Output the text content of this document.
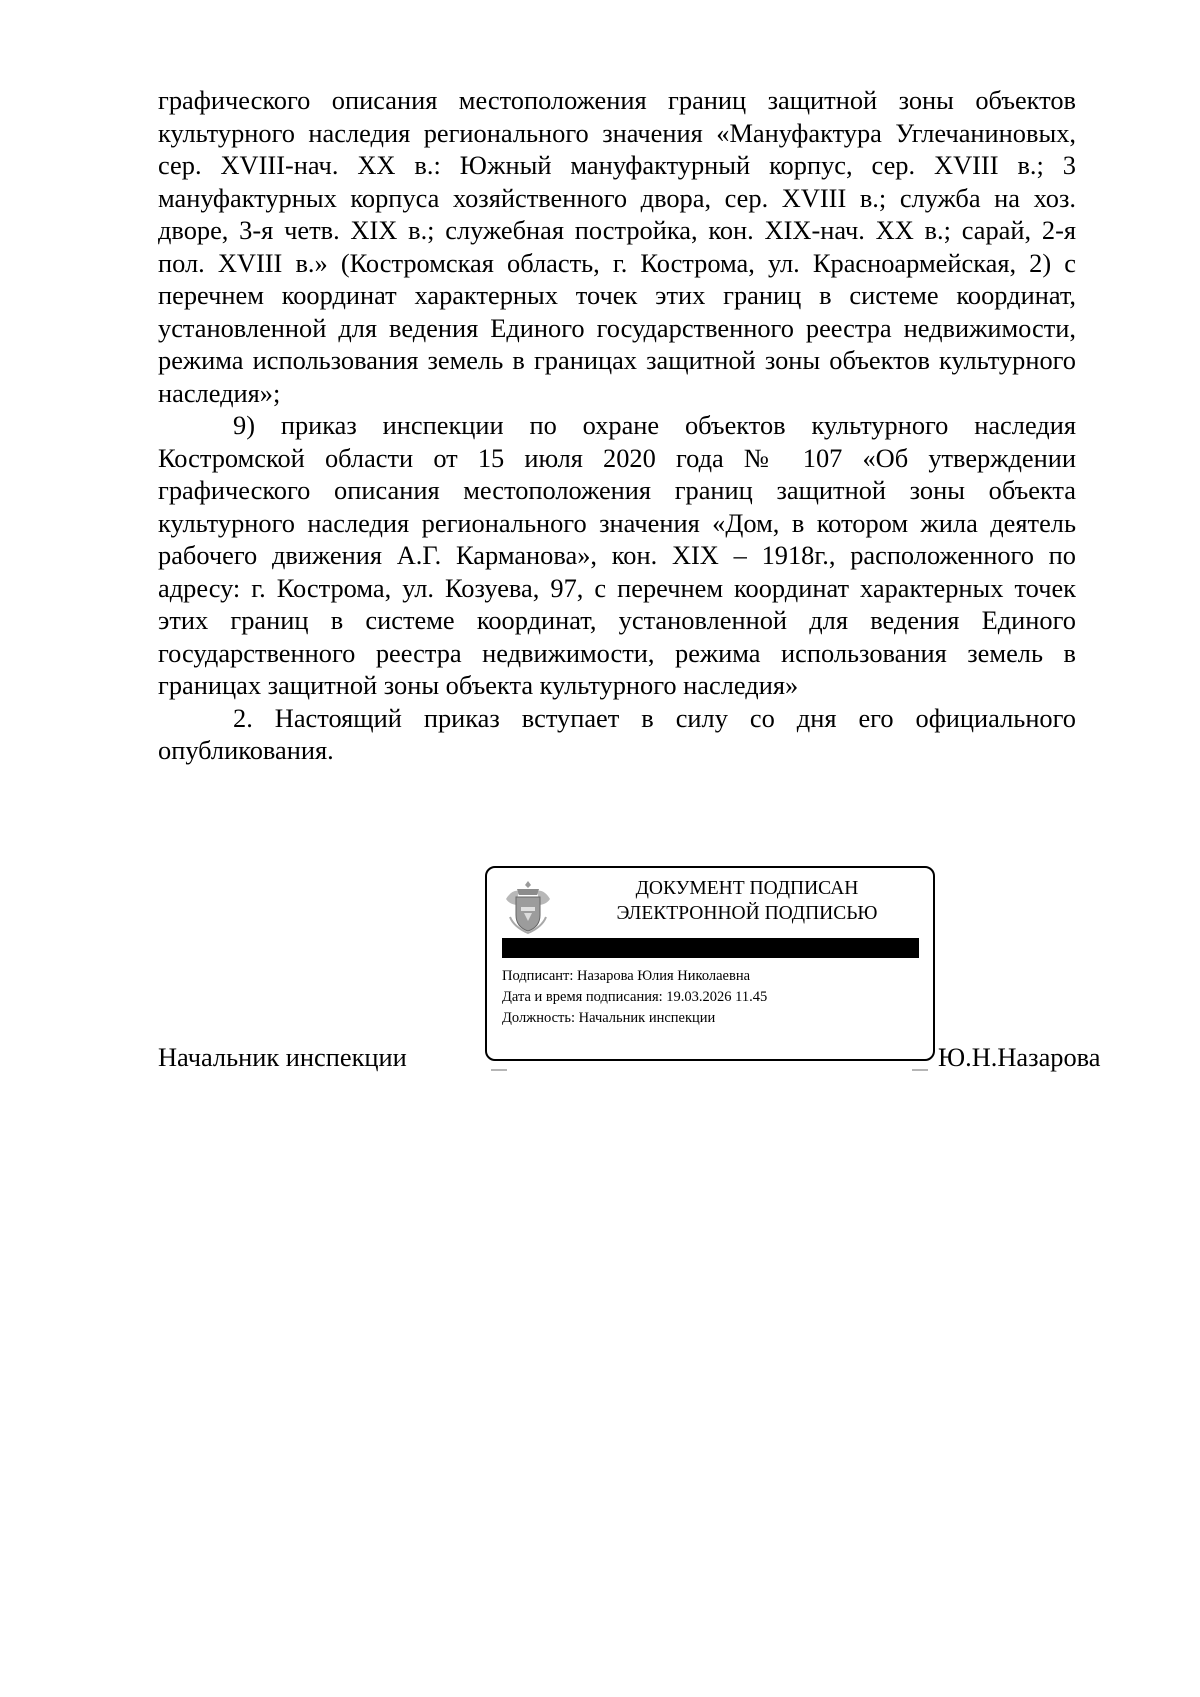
графического описания местоположения границ защитной зоны объектов культурного наследия регионального значения «Мануфактура Углечаниновых, сер. XVIII-нач. XX в.: Южный мануфактурный корпус, сер. XVIII в.; 3 мануфактурных корпуса хозяйственного двора, сер. XVIII в.; служба на хоз. дворе, 3-я четв. XIX в.; служебная постройка, кон. XIX-нач. XX в.; сарай, 2-я пол. XVIII в.» (Костромская область, г. Кострома, ул. Красноармейская, 2) с перечнем координат характерных точек этих границ в системе координат, установленной для ведения Единого государственного реестра недвижимости, режима использования земель в границах защитной зоны объектов культурного наследия»;

9) приказ инспекции по охране объектов культурного наследия Костромской области от 15 июля 2020 года № 107 «Об утверждении графического описания местоположения границ защитной зоны объекта культурного наследия регионального значения «Дом, в котором жила деятель рабочего движения А.Г. Карманова», кон. XIX – 1918г., расположенного по адресу: г. Кострома, ул. Козуева, 97, с перечнем координат характерных точек этих границ в системе координат, установленной для ведения Единого государственного реестра недвижимости, режима использования земель в границах защитной зоны объекта культурного наследия»

2. Настоящий приказ вступает в силу со дня его официального опубликования.

ДОКУМЕНТ ПОДПИСАН
ЭЛЕКТРОННОЙ ПОДПИСЬЮ
Подписант: Назарова Юлия Николаевна
Дата и время подписания: 19.03.2026 11.45
Должность: Начальник инспекции
Начальник инспекции	Ю.Н.Назарова
